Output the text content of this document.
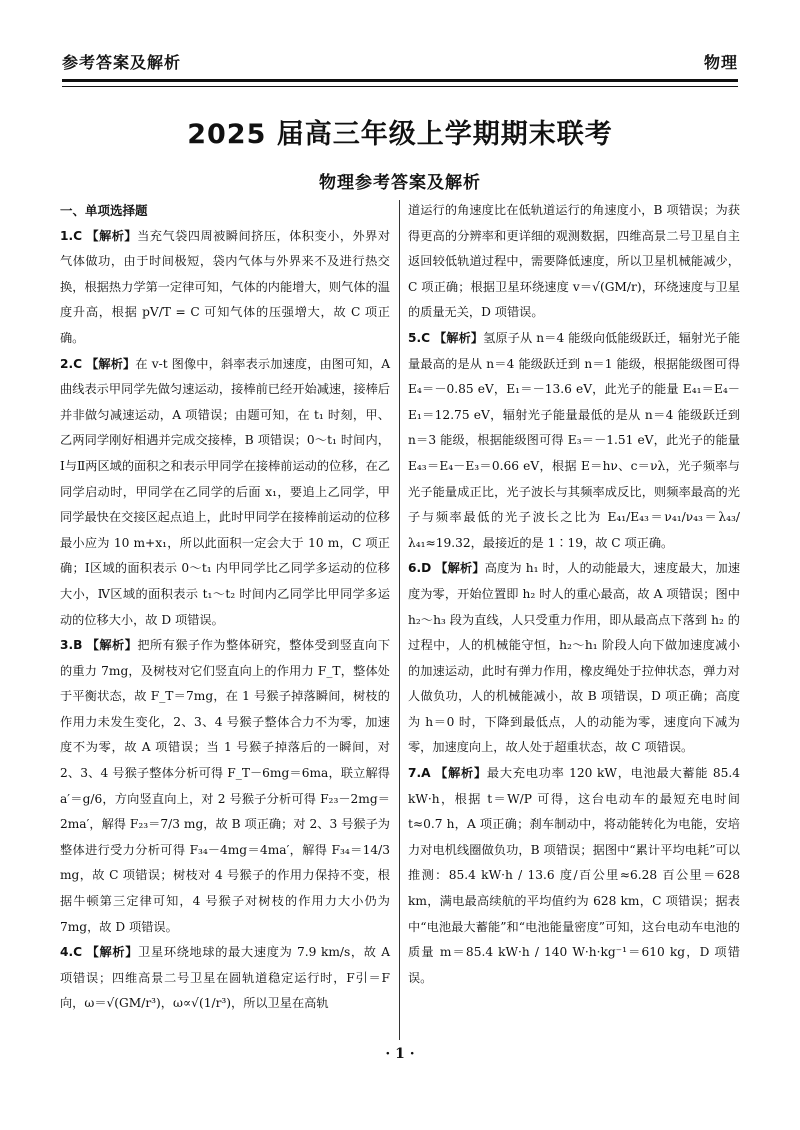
参考答案及解析	物理
2025 届高三年级上学期期末联考
物理参考答案及解析
一、单项选择题

1.C 【解析】当充气袋四周被瞬间挤压，体积变小，外界对气体做功，由于时间极短，袋内气体与外界来不及进行热交换，根据热力学第一定律可知，气体的内能增大，则气体的温度升高，根据 pV/T = C 可知气体的压强增大，故 C 项正确。

2.C 【解析】在 v-t 图像中，斜率表示加速度，由图可知，A 曲线表示甲同学先做匀速运动，接棒前已经开始减速，接棒后并非做匀减速运动，A 项错误；由题可知，在 t₁ 时刻，甲、乙两同学刚好相遇并完成交接棒，B 项错误；0～t₁ 时间内，Ⅰ与Ⅱ两区域的面积之和表示甲同学在接棒前运动的位移，在乙同学启动时，甲同学在乙同学的后面 x₁，要追上乙同学，甲同学最快在交接区起点追上，此时甲同学在接棒前运动的位移最小应为 10 m+x₁，所以此面积一定会大于 10 m，C 项正确；Ⅰ区域的面积表示 0～t₁ 内甲同学比乙同学多运动的位移大小，Ⅳ区域的面积表示 t₁～t₂ 时间内乙同学比甲同学多运动的位移大小，故 D 项错误。

3.B 【解析】把所有猴子作为整体研究，整体受到竖直向下的重力 7mg，及树枝对它们竖直向上的作用力 F_T，整体处于平衡状态，故 F_T＝7mg，在 1 号猴子掉落瞬间，树枝的作用力未发生变化，2、3、4 号猴子整体合力不为零，加速度不为零，故 A 项错误；当 1 号猴子掉落后的一瞬间，对 2、3、4 号猴子整体分析可得 F_T－6mg＝6ma，联立解得 a′＝g/6，方向竖直向上，对 2 号猴子分析可得 F₂₃－2mg＝2ma′，解得 F₂₃＝7/3 mg，故 B 项正确；对 2、3 号猴子为整体进行受力分析可得 F₃₄－4mg＝4ma′，解得 F₃₄＝14/3 mg，故 C 项错误；树枝对 4 号猴子的作用力保持不变，根据牛顿第三定律可知，4 号猴子对树枝的作用力大小仍为 7mg，故 D 项错误。

4.C 【解析】卫星环绕地球的最大速度为 7.9 km/s，故 A 项错误；四维高景二号卫星在圆轨道稳定运行时，F引＝F向，ω＝√(GM/r³)，ω∝√(1/r³)，所以卫星在高轨

道运行的角速度比在低轨道运行的角速度小，B 项错误；为获得更高的分辨率和更详细的观测数据，四维高景二号卫星自主返回较低轨道过程中，需要降低速度，所以卫星机械能减少，C 项正确；根据卫星环绕速度 v＝√(GM/r)，环绕速度与卫星的质量无关，D 项错误。

5.C 【解析】氢原子从 n＝4 能级向低能级跃迁，辐射光子能量最高的是从 n＝4 能级跃迁到 n＝1 能级，根据能级图可得 E₄＝－0.85 eV，E₁＝－13.6 eV，此光子的能量 E₄₁＝E₄－E₁＝12.75 eV，辐射光子能量最低的是从 n＝4 能级跃迁到 n＝3 能级，根据能级图可得 E₃＝－1.51 eV，此光子的能量 E₄₃＝E₄－E₃＝0.66 eV，根据 E＝hν、c＝νλ，光子频率与光子能量成正比，光子波长与其频率成反比，则频率最高的光子与频率最低的光子波长之比为 E₄₁/E₄₃＝ν₄₁/ν₄₃＝λ₄₃/λ₄₁≈19.32，最接近的是 1∶19，故 C 项正确。

6.D 【解析】高度为 h₁ 时，人的动能最大，速度最大，加速度为零，开始位置即 h₂ 时人的重心最高，故 A 项错误；图中 h₂～h₃ 段为直线，人只受重力作用，即从最高点下落到 h₂ 的过程中，人的机械能守恒，h₂～h₁ 阶段人向下做加速度减小的加速运动，此时有弹力作用，橡皮绳处于拉伸状态，弹力对人做负功，人的机械能减小，故 B 项错误，D 项正确；高度为 h＝0 时，下降到最低点，人的动能为零，速度向下减为零，加速度向上，故人处于超重状态，故 C 项错误。

7.A 【解析】最大充电功率 120 kW，电池最大蓄能 85.4 kW·h，根据 t＝W/P 可得，这台电动车的最短充电时间 t≈0.7 h，A 项正确；刹车制动中，将动能转化为电能，安培力对电机线圈做负功，B 项错误；据图中“累计平均电耗”可以推测：85.4 kW·h / 13.6 度/百公里≈6.28 百公里＝628 km，满电最高续航的平均值约为 628 km，C 项错误；据表中“电池最大蓄能”和“电池能量密度”可知，这台电动车电池的质量 m＝85.4 kW·h / 140 W·h·kg⁻¹＝610 kg，D 项错误。

· 1 ·
